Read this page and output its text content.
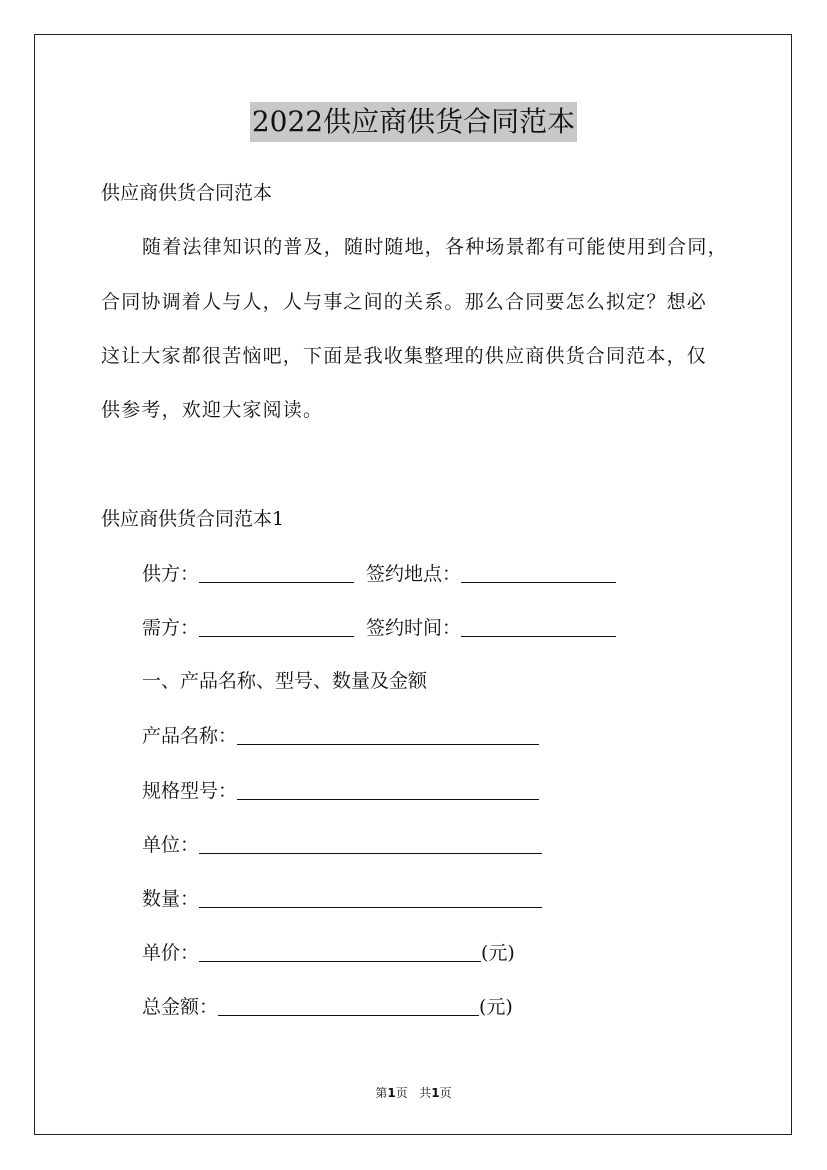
2022供应商供货合同范本
供应商供货合同范本
随着法律知识的普及，随时随地，各种场景都有可能使用到合同，
合同协调着人与人，人与事之间的关系。那么合同要怎么拟定？想必
这让大家都很苦恼吧，下面是我收集整理的供应商供货合同范本，仅
供参考，欢迎大家阅读。
供应商供货合同范本1
供方：	签约地点：
需方：	签约时间：
一、产品名称、型号、数量及金额
产品名称：
规格型号：
单位：
数量：
单价：	(元)
总金额：	(元)
第1页 共1页
